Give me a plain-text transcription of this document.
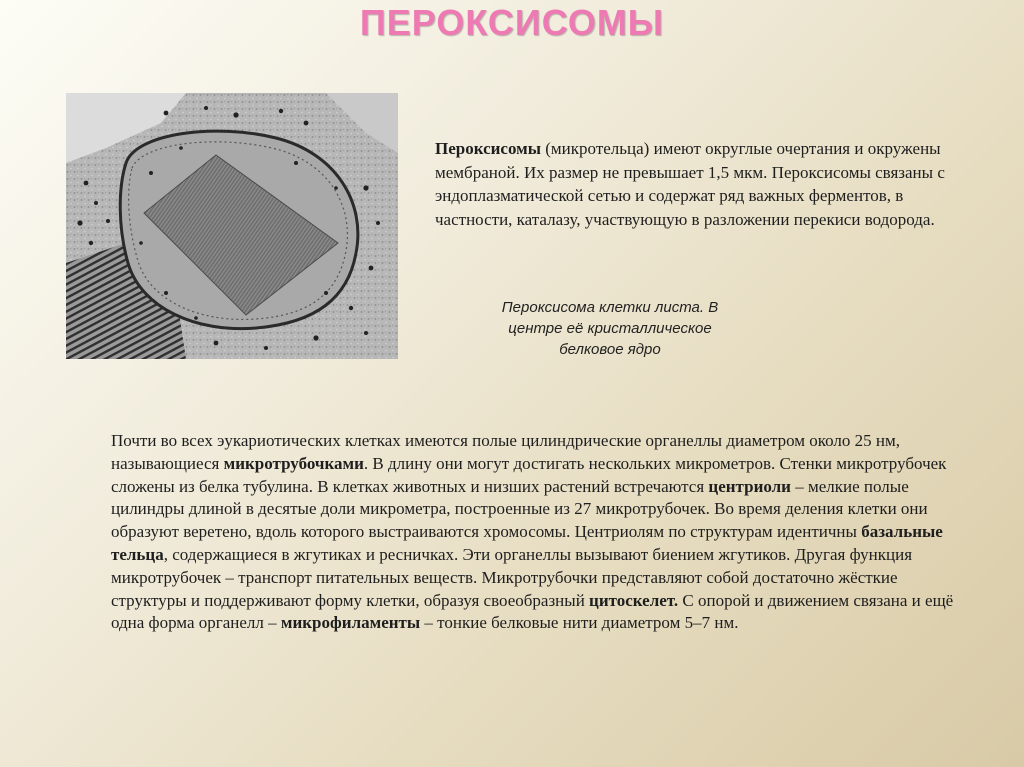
ПЕРОКСИСОМЫ
Пероксисомы (микротельца) имеют округлые очертания и окружены мембраной. Их размер не превышает 1,5 мкм. Пероксисомы связаны с эндоплазматической сетью и содержат ряд важных ферментов, в частности, каталазу, участвующую в разложении перекиси водорода.
Пероксисома клетки листа. В
центре её кристаллическое
белковое ядро
Почти во всех эукариотических клетках имеются полые цилиндрические органеллы диаметром около 25 нм, называющиеся микротрубочками. В длину они могут достигать нескольких микрометров. Стенки микротрубочек сложены из белка тубулина. В клетках животных и низших растений встречаются центриоли – мелкие полые цилиндры длиной в десятые доли микрометра, построенные из 27 микротрубочек. Во время деления клетки они образуют веретено, вдоль которого выстраиваются хромосомы. Центриолям по структурам идентичны базальные тельца, содержащиеся в жгутиках и ресничках. Эти органеллы вызывают биением жгутиков. Другая функция микротрубочек – транспорт питательных веществ. Микротрубочки представляют собой достаточно жёсткие структуры и поддерживают форму клетки, образуя своеобразный цитоскелет. С опорой и движением связана и ещё одна форма органелл – микрофиламенты – тонкие белковые нити диаметром 5–7 нм.
